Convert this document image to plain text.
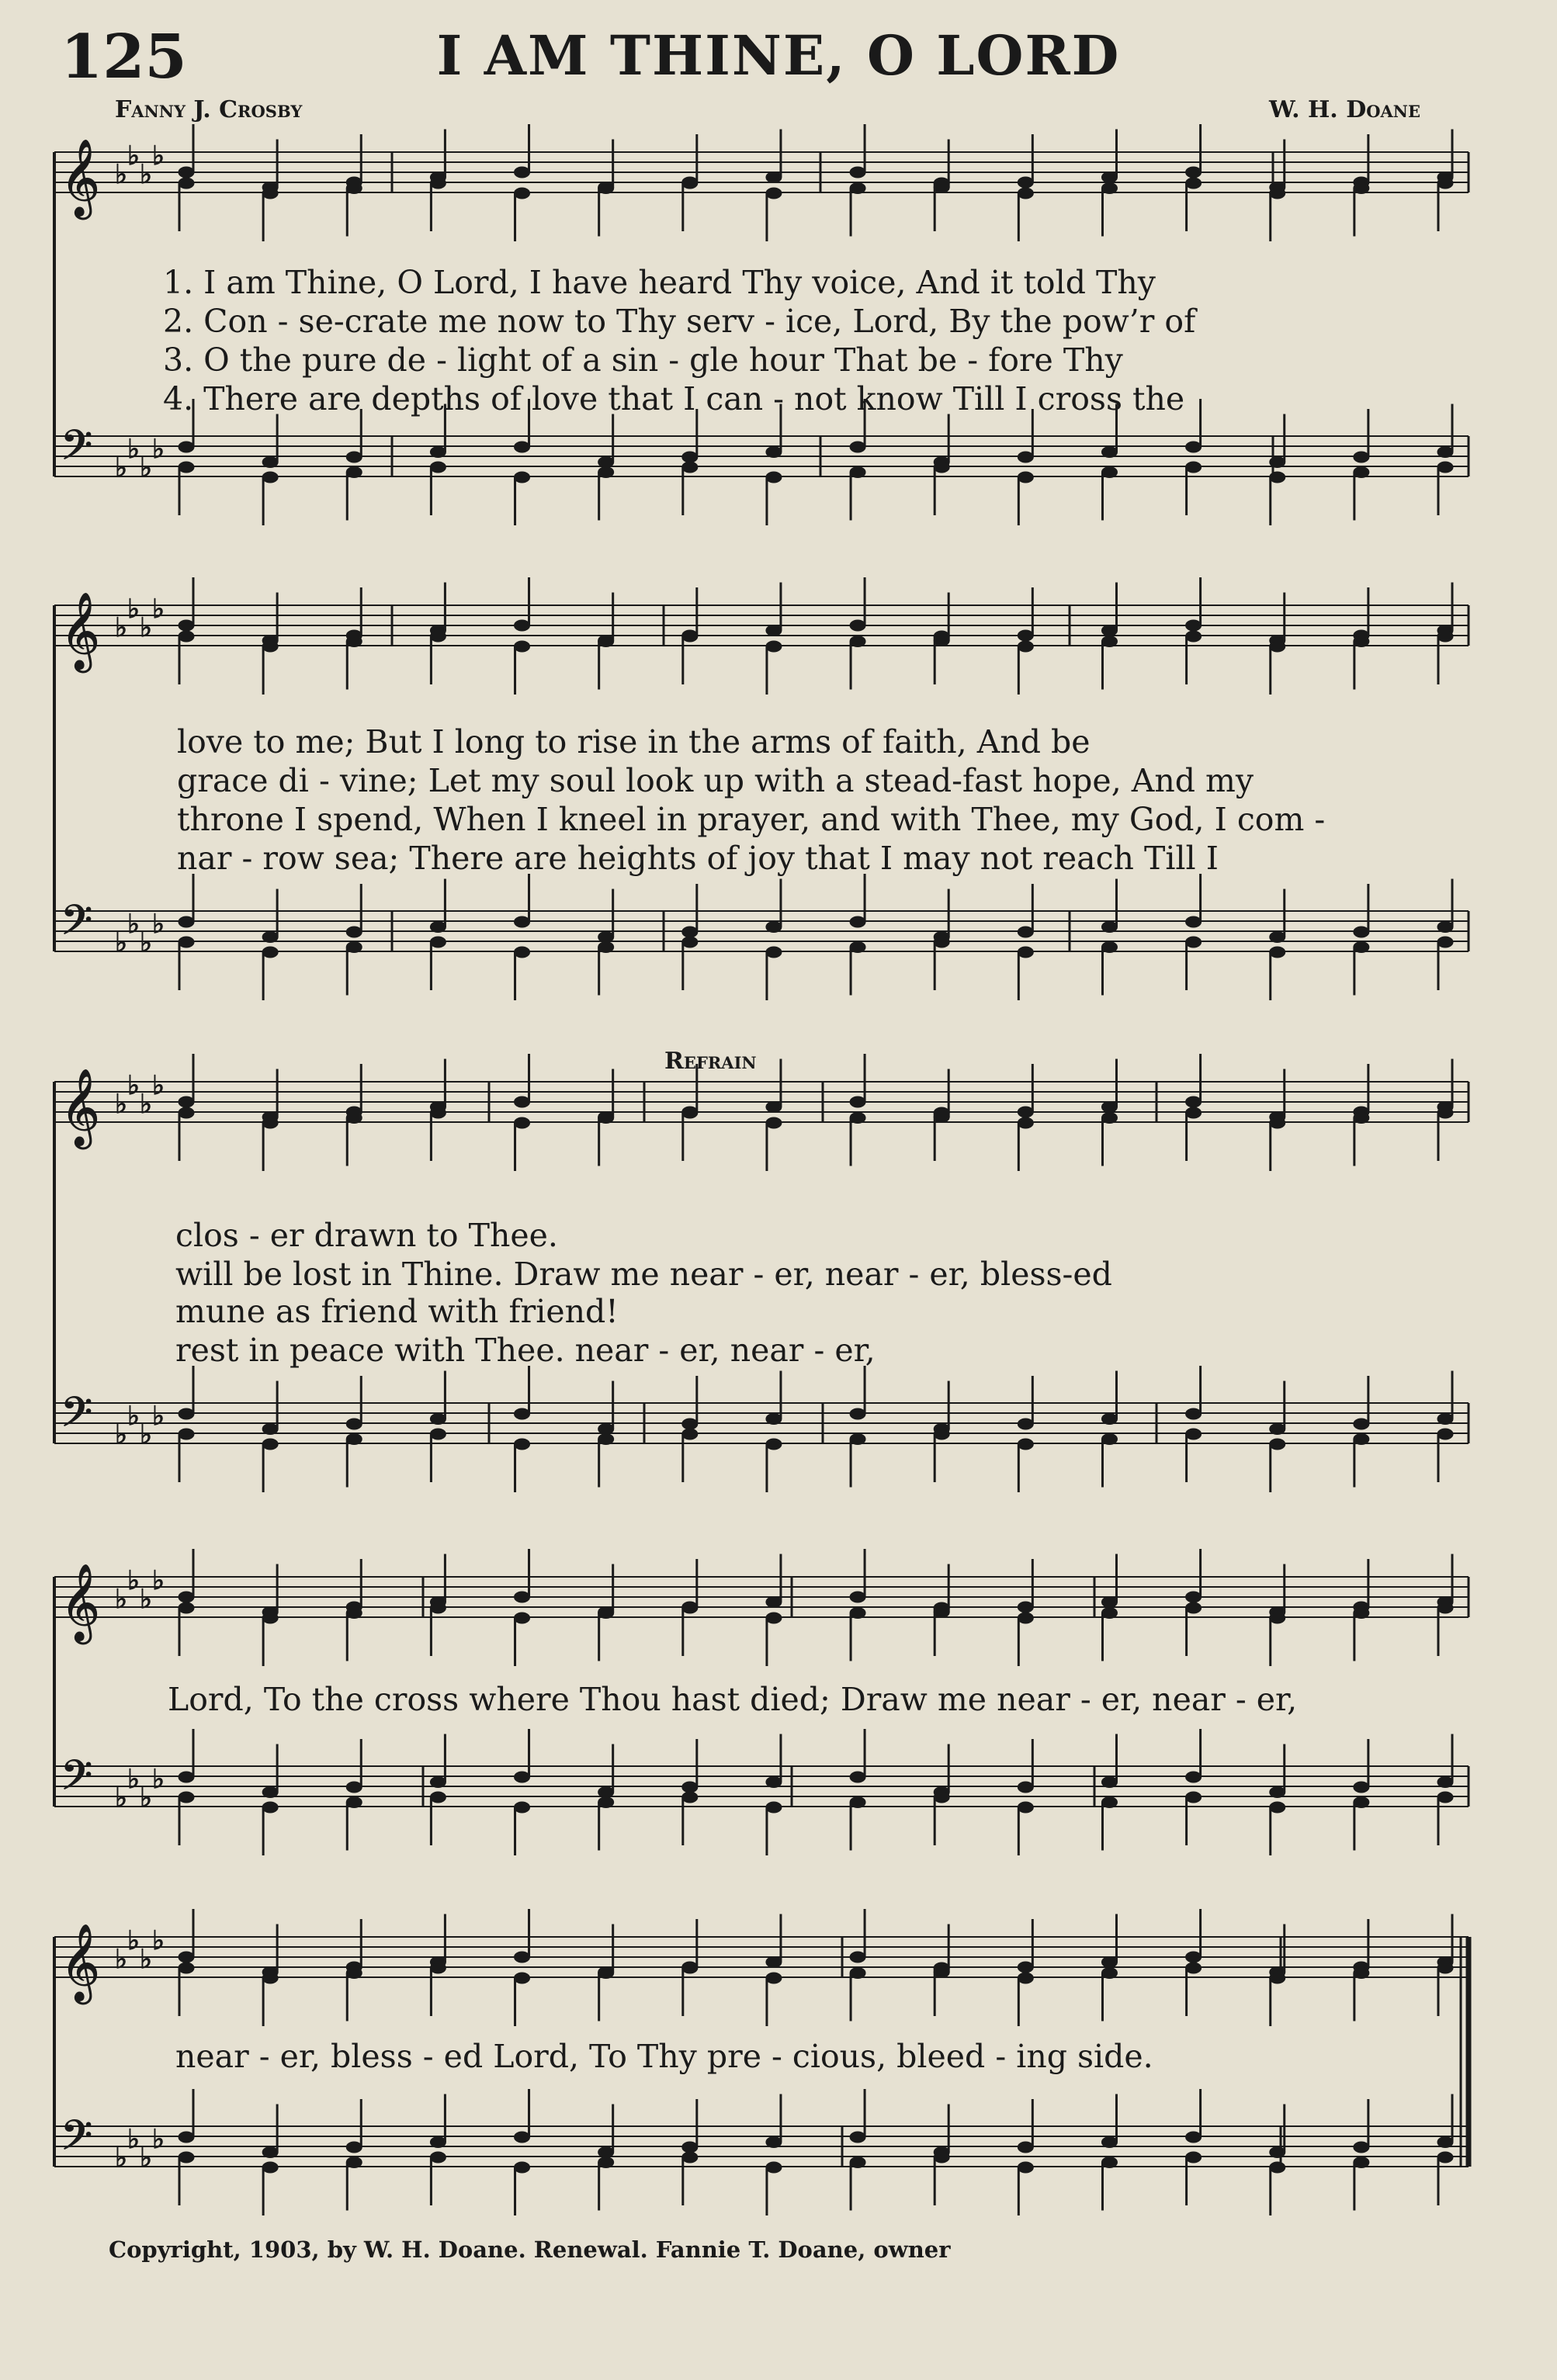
125	I AM THINE, O LORD
Fanny J. Crosby	W. H. Doane
𝄞
𝄢
♭
♭
♭
♭
♭
♭
♭
♭
𝄞
𝄢
♭
♭
♭
♭
♭
♭
♭
♭
𝄞
𝄢
♭
♭
♭
♭
♭
♭
♭
♭
𝄞
𝄢
♭
♭
♭
♭
♭
♭
♭
♭
𝄞
𝄢
♭
♭
♭
♭
♭
♭
♭
♭
1. I am Thine, O Lord, I have heard Thy voice, And it told Thy
2. Con - se-crate me now to Thy serv - ice, Lord, By the pow’r of
3. O the pure de - light of a sin - gle hour That be - fore Thy
4. There are depths of love that I can - not know Till I cross the
love to me; But I long to rise in the arms of faith, And be
grace di - vine; Let my soul look up with a stead-fast hope, And my
throne I spend, When I kneel in prayer, and with Thee, my God, I com -
nar - row sea; There are heights of joy that I may not reach Till I
Refrain
clos - er drawn to Thee.
will be lost in Thine. Draw me near - er, near - er, bless-ed
mune as friend with friend!
rest in peace with Thee. near - er, near - er,
Lord, To the cross where Thou hast died; Draw me near - er, near - er,
near - er, bless - ed Lord, To Thy pre - cious, bleed - ing side.
Copyright, 1903, by W. H. Doane. Renewal. Fannie T. Doane, owner
